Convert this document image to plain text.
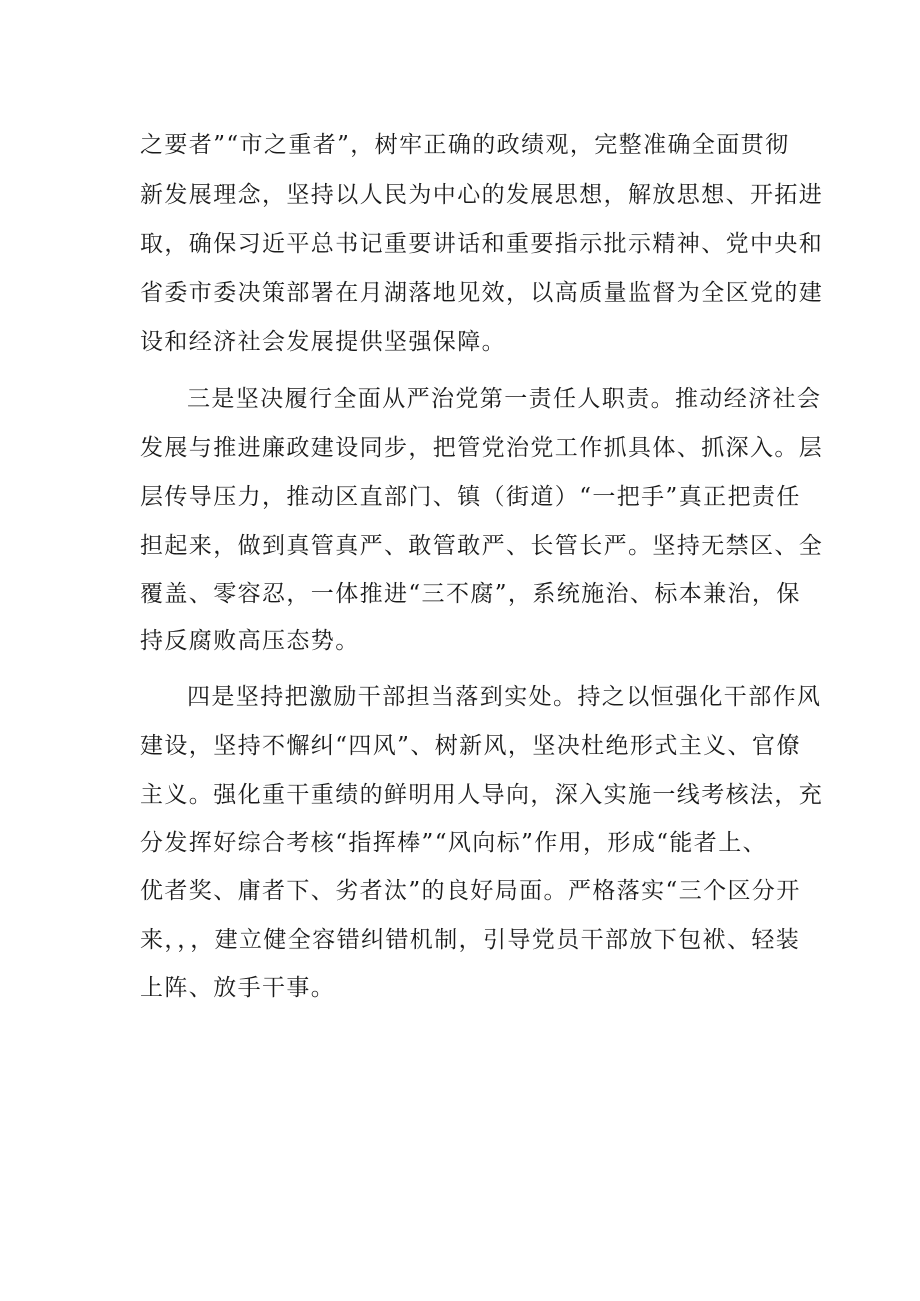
之要者”“市之重者”，树牢正确的政绩观，完整准确全面贯彻
新发展理念，坚持以人民为中心的发展思想，解放思想、开拓进
取，确保习近平总书记重要讲话和重要指示批示精神、党中央和
省委市委决策部署在月湖落地见效，以高质量监督为全区党的建
设和经济社会发展提供坚强保障。
三是坚决履行全面从严治党第一责任人职责。推动经济社会
发展与推进廉政建设同步，把管党治党工作抓具体、抓深入。层
层传导压力，推动区直部门、镇（街道）“一把手”真正把责任
担起来，做到真管真严、敢管敢严、长管长严。坚持无禁区、全
覆盖、零容忍，一体推进“三不腐”，系统施治、标本兼治，保
持反腐败高压态势。
四是坚持把激励干部担当落到实处。持之以恒强化干部作风
建设，坚持不懈纠“四风”、树新风，坚决杜绝形式主义、官僚
主义。强化重干重绩的鲜明用人导向，深入实施一线考核法，充
分发挥好综合考核“指挥棒”“风向标”作用，形成“能者上、
优者奖、庸者下、劣者汰”的良好局面。严格落实“三个区分开
来，，，建立健全容错纠错机制，引导党员干部放下包袱、轻装
上阵、放手干事。
